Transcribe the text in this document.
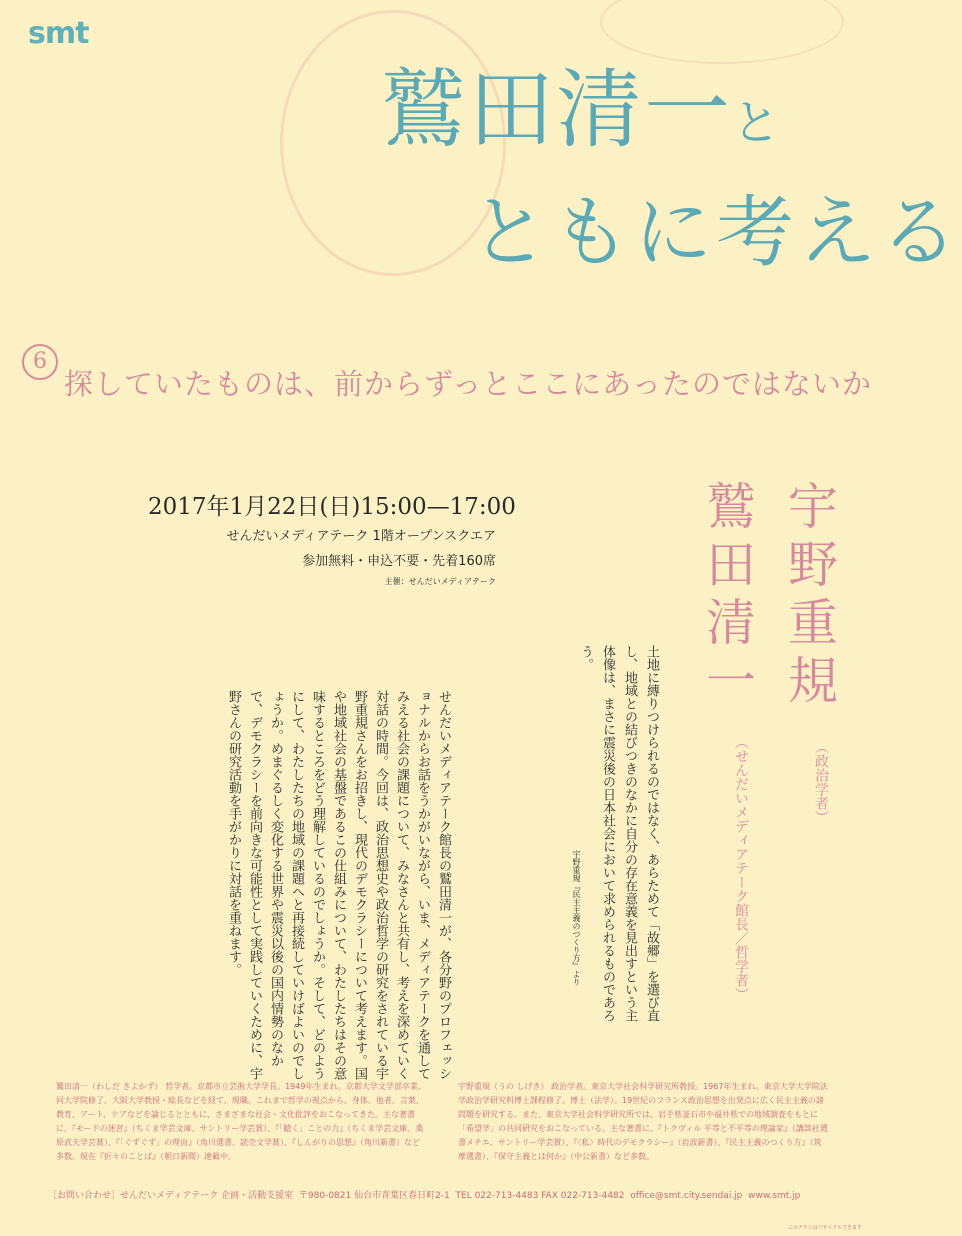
smt
鷲田清一と
ともに考える
6
探していたものは、前からずっとここにあったのではないか
2017年1月22日(日)15:00—17:00
せんだいメディアテーク 1階オープンスクエア
参加無料・申込不要・先着160席
主催：せんだいメディアテーク	宇野重規
（政治学者）
鷲田清一
（せんだいメディアテーク館長／哲学者）
土地に縛りつけられるのではなく、あらためて「故郷」を選び直し、地域との結びつきのなかに自分の存在意義を見出すという主体像は、まさに震災後の日本社会において求められるものであろう。
宇野重規『民主主義のつくり方』より
せんだいメディアテーク館長の鷲田清一が、各分野のプロフェッショナルからお話をうかがいながら、いま、メディアテークを通してみえる社会の課題について、みなさんと共有し、考えを深めていく対話の時間。今回は、政治思想史や政治哲学の研究をされている宇野重規さんをお招きし、現代のデモクラシーについて考えます。国や地域社会の基盤であるこの仕組みについて、わたしたちはその意味するところをどう理解しているのでしょうか。そして、どのようにして、わたしたちの地域の課題へと再接続していけばよいのでしょうか。めまぐるしく変化する世界や震災以後の国内情勢のなかで、デモクラシーを前向きな可能性として実践していくために、宇野さんの研究活動を手がかりに対話を重ねます。
鷲田清一（わしだ きよかず） 哲学者。京都市立芸術大学学長。1949年生まれ。京都大学文学部卒業、同大学院修了。大阪大学教授・総長などを経て、現職。これまで哲学の視点から、身体、他者、言葉、教育、アート、ケアなどを論じるとともに、さまざまな社会・文化批評をおこなってきた。主な著書に、『モードの迷宮』（ちくま学芸文庫、サントリー学芸賞）、『「聴く」ことの力』（ちくま学芸文庫、桑原武夫学芸賞）、『「ぐずぐず」の理由』（角川選書、読売文学賞）、『しんがりの思想』（角川新書）など多数。現在『折々のことば』（朝日新聞）連載中。
宇野重規（うの しげき） 政治学者。東京大学社会科学研究所教授。1967年生まれ。東京大学大学院法学政治学研究科博士課程修了。博士（法学）。19世紀のフランス政治思想を出発点に広く民主主義の諸問題を研究する。また、東京大学社会科学研究所では、岩手県釜石市や福井県での地域調査をもとに「希望学」の共同研究をおこなっている。主な著書に、『トクヴィル 平等と不平等の理論家』（講談社選書メチエ、サントリー学芸賞）、『〈私〉時代のデモクラシー』（岩波新書）、『民主主義のつくり方』（筑摩選書）、『保守主義とは何か』（中公新書）など多数。
［お問い合わせ］せんだいメディアテーク 企画・活動支援室 〒980-0821 仙台市青葉区春日町2-1 TEL 022-713-4483 FAX 022-713-4482 office@smt.city.sendai.jp www.smt.jp
このチラシはリサイクルできます
